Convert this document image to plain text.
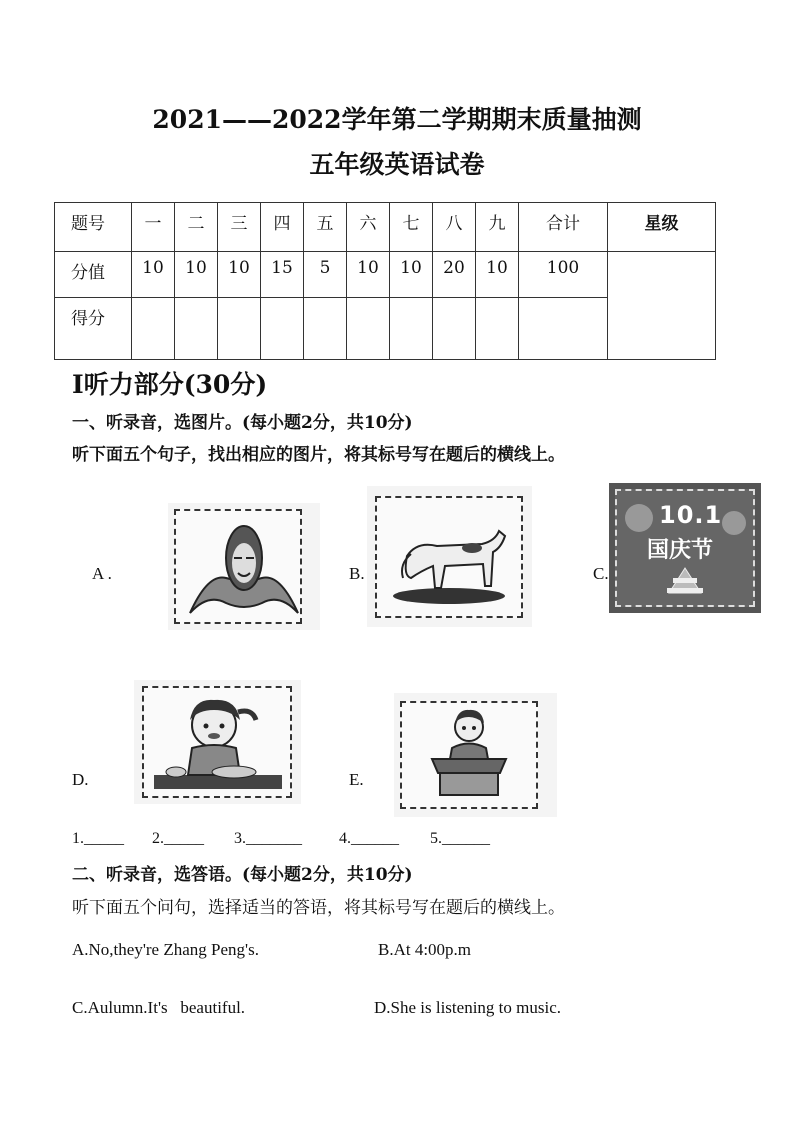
2021——2022学年第二学期期末质量抽测
五年级英语试卷
题号	一	二	三	四	五	六	七	八	九	合计	星级
分值	10	10	10	15	5	10	10	20	10	100	
得分											
I听力部分(30分)
一、听录音，选图片。(每小题2分，共10分)
听下面五个句子，找出相应的图片，将其标号写在题后的横线上。
A .	B.	C.
10.1
国庆节
D.	E.
1._____ 2._____ 3._______ 4.______ 5.______
二、听录音，选答语。(每小题2分，共10分)
听下面五个问句，选择适当的答语，将其标号写在题后的横线上。
A.No,they're Zhang Peng's.	B.At 4:00p.m
C.Aulumn.It's   beautiful.	D.She is listening to music.
